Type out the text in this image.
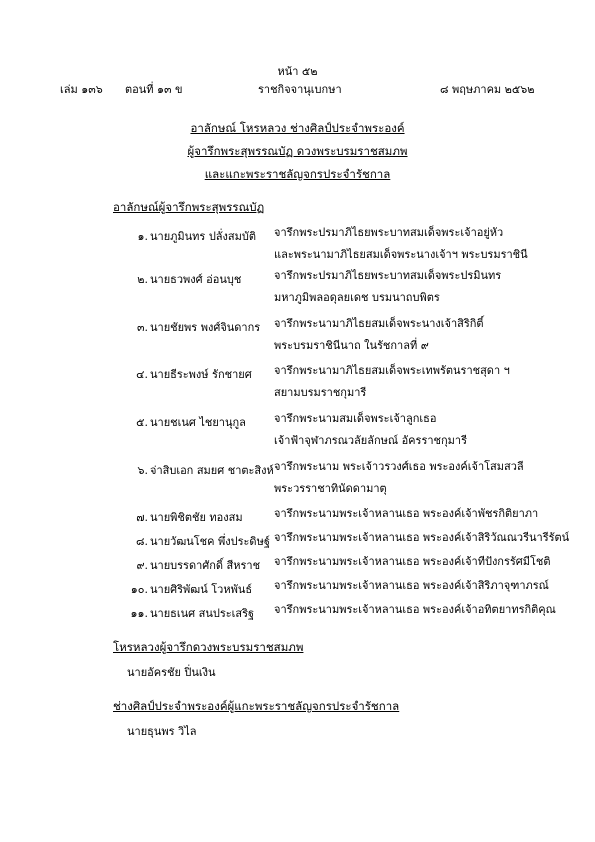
หน้า ๕๒
เล่ม ๑๓๖ ตอนที่ ๑๓ ข	ราชกิจจานุเบกษา	๘ พฤษภาคม ๒๕๖๒
อาลักษณ์ โหรหลวง ช่างศิลป์ประจำพระองค์
ผู้จารึกพระสุพรรณบัฏ ดวงพระบรมราชสมภพ
และแกะพระราชลัญจกรประจำรัชกาล
อาลักษณ์ผู้จารึกพระสุพรรณบัฏ
๑. นายภูมินทร ปลั่งสมบัติ จารึกพระปรมาภิไธยพระบาทสมเด็จพระเจ้าอยู่หัว
และพระนามาภิไธยสมเด็จพระนางเจ้าฯ พระบรมราชินี
๒. นายธวพงศ์ อ่อนบุช	จารึกพระปรมาภิไธยพระบาทสมเด็จพระปรมินทร
มหาภูมิพลอดุลยเดช บรมนาถบพิตร
๓. นายชัยพร พงศ์จินดากร จารึกพระนามาภิไธยสมเด็จพระนางเจ้าสิริกิติ์
พระบรมราชินีนาถ ในรัชกาลที่ ๙
๔. นายธีระพงษ์ รักชายศ จารึกพระนามาภิไธยสมเด็จพระเทพรัตนราชสุดา ฯ
สยามบรมราชกุมารี
๕. นายชเนศ ไชยานุกูล	จารึกพระนามสมเด็จพระเจ้าลูกเธอ
เจ้าฟ้าจุฬาภรณวลัยลักษณ์ อัครราชกุมารี
๖. จ่าสิบเอก สมยศ ชาตะสิงห์ จารึกพระนาม พระเจ้าวรวงศ์เธอ พระองค์เจ้าโสมสวลี
พระวรราชาทินัดดามาตุ
๗. นายพิชิตชัย ทองสม	จารึกพระนามพระเจ้าหลานเธอ พระองค์เจ้าพัชรกิติยาภา
๘. นายวัฒนโชค พึ่งประดิษฐ์ จารึกพระนามพระเจ้าหลานเธอ พระองค์เจ้าสิริวัณณวรีนารีรัตน์
๙. นายบรรดาศักดิ์ สีหราช จารึกพระนามพระเจ้าหลานเธอ พระองค์เจ้าทีปังกรรัศมีโชติ
๑๐. นายศิริพัฒน์ โวหพันธ์ จารึกพระนามพระเจ้าหลานเธอ พระองค์เจ้าสิริภาจุฑาภรณ์
๑๑. นายธเนศ สนประเสริฐ จารึกพระนามพระเจ้าหลานเธอ พระองค์เจ้าอทิตยาทรกิติคุณ
โหรหลวงผู้จารึกดวงพระบรมราชสมภพ
นายอัครชัย ปิ่นเงิน
ช่างศิลป์ประจำพระองค์ผู้แกะพระราชลัญจกรประจำรัชกาล
นายธุนพร วิไล
